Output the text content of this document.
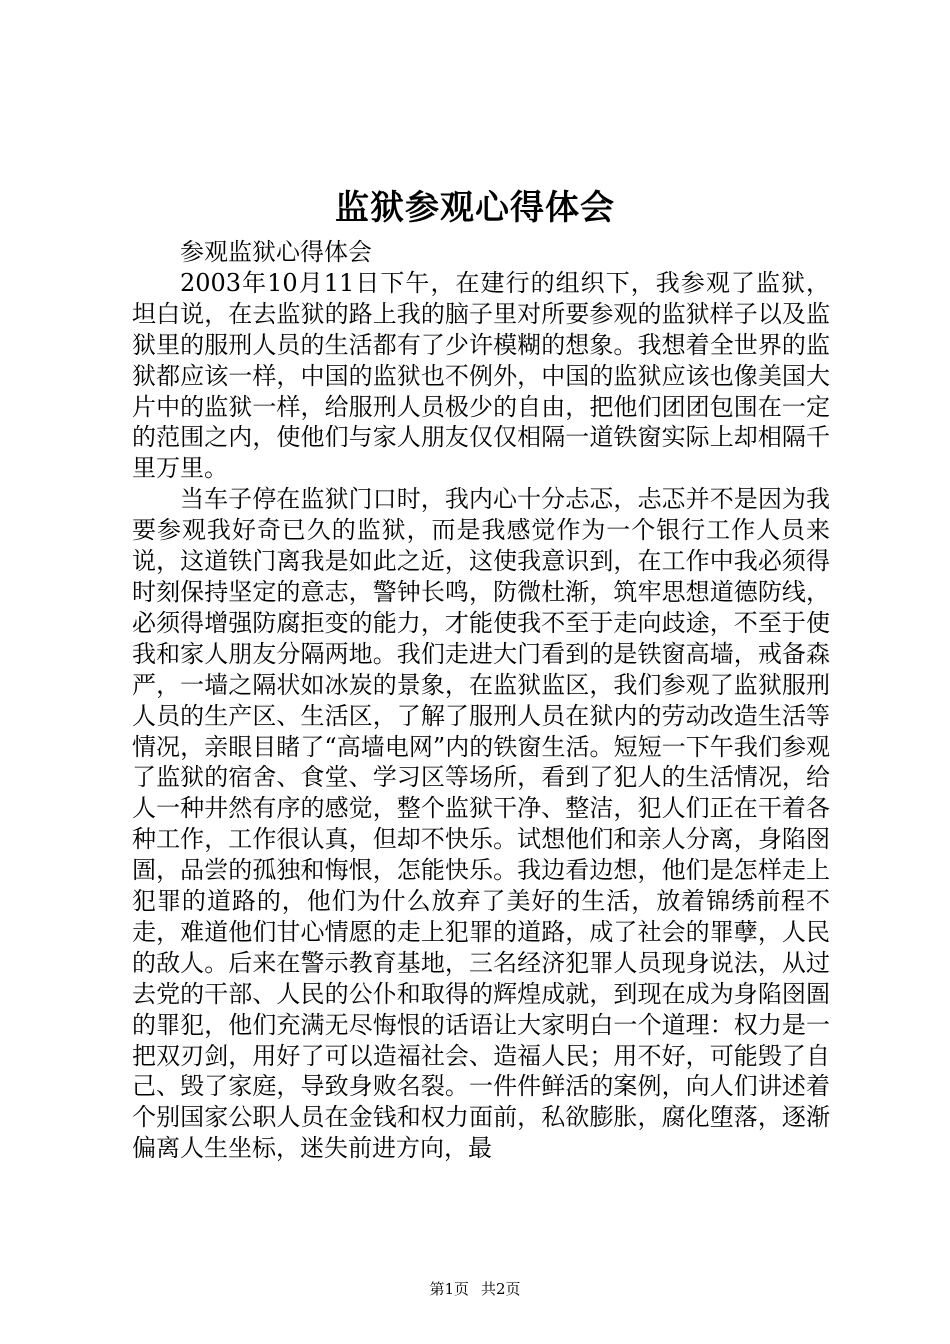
监狱参观心得体会

参观监狱心得体会

2003年10月11日下午，在建行的组织下，我参观了监狱，坦白说，在去监狱的路上我的脑子里对所要参观的监狱样子以及监狱里的服刑人员的生活都有了少许模糊的想象。我想着全世界的监狱都应该一样，中国的监狱也不例外，中国的监狱应该也像美国大片中的监狱一样，给服刑人员极少的自由，把他们团团包围在一定的范围之内，使他们与家人朋友仅仅相隔一道铁窗实际上却相隔千里万里。

当车子停在监狱门口时，我内心十分忐忑，忐忑并不是因为我要参观我好奇已久的监狱，而是我感觉作为一个银行工作人员来说，这道铁门离我是如此之近，这使我意识到，在工作中我必须得时刻保持坚定的意志，警钟长鸣，防微杜渐，筑牢思想道德防线，必须得增强防腐拒变的能力，才能使我不至于走向歧途，不至于使我和家人朋友分隔两地。我们走进大门看到的是铁窗高墙，戒备森严，一墙之隔状如冰炭的景象，在监狱监区，我们参观了监狱服刑人员的生产区、生活区，了解了服刑人员在狱内的劳动改造生活等情况，亲眼目睹了“高墙电网”内的铁窗生活。短短一下午我们参观了监狱的宿舍、食堂、学习区等场所，看到了犯人的生活情况，给人一种井然有序的感觉，整个监狱干净、整洁，犯人们正在干着各种工作，工作很认真，但却不快乐。试想他们和亲人分离，身陷囹圄，品尝的孤独和悔恨，怎能快乐。我边看边想，他们是怎样走上犯罪的道路的，他们为什么放弃了美好的生活，放着锦绣前程不走，难道他们甘心情愿的走上犯罪的道路，成了社会的罪孽，人民的敌人。后来在警示教育基地，三名经济犯罪人员现身说法，从过去党的干部、人民的公仆和取得的辉煌成就，到现在成为身陷囹圄的罪犯，他们充满无尽悔恨的话语让大家明白一个道理：权力是一把双刃剑，用好了可以造福社会、造福人民；用不好，可能毁了自己、毁了家庭，导致身败名裂。一件件鲜活的案例，向人们讲述着个别国家公职人员在金钱和权力面前，私欲膨胀，腐化堕落，逐渐偏离人生坐标，迷失前进方向，最

第1页 共2页
